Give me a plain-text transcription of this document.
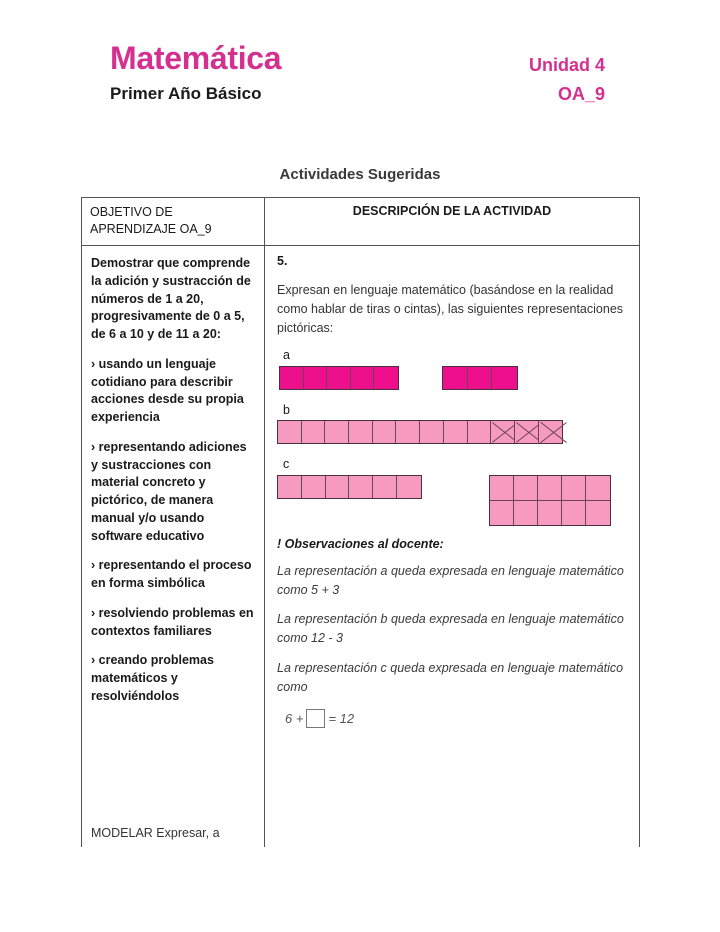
Matemática
Primer Año Básico
Unidad 4
OA_9
Actividades Sugeridas
OBJETIVO DE APRENDIZAJE OA_9
DESCRIPCIÓN DE LA ACTIVIDAD

Demostrar que comprende la adición y sustracción de números de 1 a 20, progresivamente de 0 a 5, de 6 a 10 y de 11 a 20:

› usando un lenguaje cotidiano para describir acciones desde su propia experiencia

› representando adiciones y sustracciones con material concreto y pictórico, de manera manual y/o usando software educativo

› representando el proceso en forma simbólica

› resolviendo problemas en contextos familiares

› creando problemas matemáticos y resolviéndolos

MODELAR Expresar, a
5.
Expresan en lenguaje matemático (basándose en la realidad como hablar de tiras o cintas), las siguientes representaciones pictóricas:
a
b
c
! Observaciones al docente:
La representación a queda expresada en lenguaje matemático como 5 + 3
La representación b queda expresada en lenguaje matemático como 12 - 3
La representación c queda expresada en lenguaje matemático como
6 + = 12
